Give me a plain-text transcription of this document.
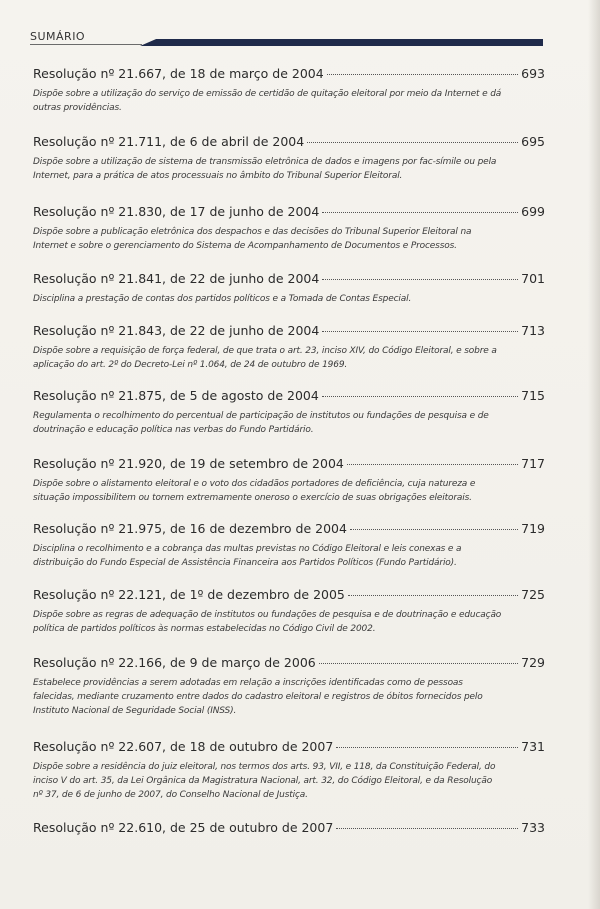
SUMÁRIO
Resolução nº 21.667, de 18 de março de 2004	693
Dispõe sobre a utilização do serviço de emissão de certidão de quitação eleitoral por meio da Internet e dá outras providências.
Resolução nº 21.711, de 6 de abril de 2004	695
Dispõe sobre a utilização de sistema de transmissão eletrônica de dados e imagens por fac-símile ou pela Internet, para a prática de atos processuais no âmbito do Tribunal Superior Eleitoral.
Resolução nº 21.830, de 17 de junho de 2004	699
Dispõe sobre a publicação eletrônica dos despachos e das decisões do Tribunal Superior Eleitoral na Internet e sobre o gerenciamento do Sistema de Acompanhamento de Documentos e Processos.
Resolução nº 21.841, de 22 de junho de 2004	701
Disciplina a prestação de contas dos partidos políticos e a Tomada de Contas Especial.
Resolução nº 21.843, de 22 de junho de 2004	713
Dispõe sobre a requisição de força federal, de que trata o art. 23, inciso XIV, do Código Eleitoral, e sobre a aplicação do art. 2º do Decreto-Lei nº 1.064, de 24 de outubro de 1969.
Resolução nº 21.875, de 5 de agosto de 2004	715
Regulamenta o recolhimento do percentual de participação de institutos ou fundações de pesquisa e de doutrinação e educação política nas verbas do Fundo Partidário.
Resolução nº 21.920, de 19 de setembro de 2004	717
Dispõe sobre o alistamento eleitoral e o voto dos cidadãos portadores de deficiência, cuja natureza e situação impossibilitem ou tornem extremamente oneroso o exercício de suas obrigações eleitorais.
Resolução nº 21.975, de 16 de dezembro de 2004	719
Disciplina o recolhimento e a cobrança das multas previstas no Código Eleitoral e leis conexas e a distribuição do Fundo Especial de Assistência Financeira aos Partidos Políticos (Fundo Partidário).
Resolução nº 22.121, de 1º de dezembro de 2005	725
Dispõe sobre as regras de adequação de institutos ou fundações de pesquisa e de doutrinação e educação política de partidos políticos às normas estabelecidas no Código Civil de 2002.
Resolução nº 22.166, de 9 de março de 2006	729
Estabelece providências a serem adotadas em relação a inscrições identificadas como de pessoas falecidas, mediante cruzamento entre dados do cadastro eleitoral e registros de óbitos fornecidos pelo Instituto Nacional de Seguridade Social (INSS).
Resolução nº 22.607, de 18 de outubro de 2007	731
Dispõe sobre a residência do juiz eleitoral, nos termos dos arts. 93, VII, e 118, da Constituição Federal, do inciso V do art. 35, da Lei Orgânica da Magistratura Nacional, art. 32, do Código Eleitoral, e da Resolução nº 37, de 6 de junho de 2007, do Conselho Nacional de Justiça.
Resolução nº 22.610, de 25 de outubro de 2007	733
